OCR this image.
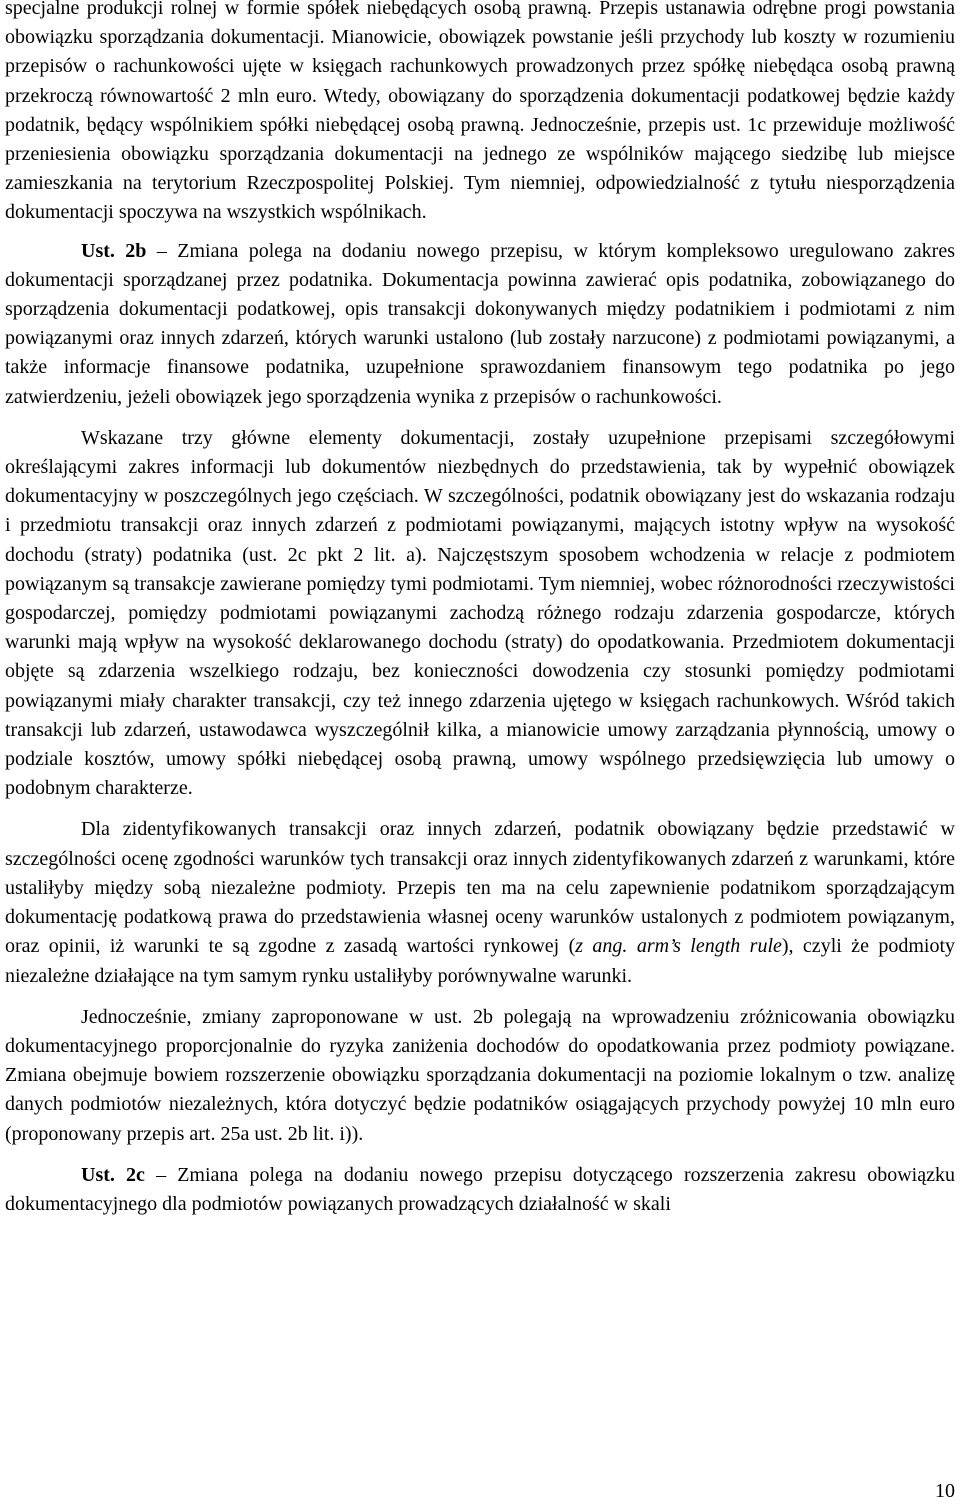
specjalne produkcji rolnej w formie spółek niebędących osobą prawną. Przepis ustanawia odrębne progi powstania obowiązku sporządzania dokumentacji. Mianowicie, obowiązek powstanie jeśli przychody lub koszty w rozumieniu przepisów o rachunkowości ujęte w księgach rachunkowych prowadzonych przez spółkę niebędąca osobą prawną przekroczą równowartość 2 mln euro. Wtedy, obowiązany do sporządzenia dokumentacji podatkowej będzie każdy podatnik, będący wspólnikiem spółki niebędącej osobą prawną. Jednocześnie, przepis ust. 1c przewiduje możliwość przeniesienia obowiązku sporządzania dokumentacji na jednego ze wspólników mającego siedzibę lub miejsce zamieszkania na terytorium Rzeczpospolitej Polskiej. Tym niemniej, odpowiedzialność z tytułu niesporządzenia dokumentacji spoczywa na wszystkich wspólnikach.

Ust. 2b – Zmiana polega na dodaniu nowego przepisu, w którym kompleksowo uregulowano zakres dokumentacji sporządzanej przez podatnika. Dokumentacja powinna zawierać opis podatnika, zobowiązanego do sporządzenia dokumentacji podatkowej, opis transakcji dokonywanych między podatnikiem i podmiotami z nim powiązanymi oraz innych zdarzeń, których warunki ustalono (lub zostały narzucone) z podmiotami powiązanymi, a także informacje finansowe podatnika, uzupełnione sprawozdaniem finansowym tego podatnika po jego zatwierdzeniu, jeżeli obowiązek jego sporządzenia wynika z przepisów o rachunkowości.

Wskazane trzy główne elementy dokumentacji, zostały uzupełnione przepisami szczegółowymi określającymi zakres informacji lub dokumentów niezbędnych do przedstawienia, tak by wypełnić obowiązek dokumentacyjny w poszczególnych jego częściach. W szczególności, podatnik obowiązany jest do wskazania rodzaju i przedmiotu transakcji oraz innych zdarzeń z podmiotami powiązanymi, mających istotny wpływ na wysokość dochodu (straty) podatnika (ust. 2c pkt 2 lit. a). Najczęstszym sposobem wchodzenia w relacje z podmiotem powiązanym są transakcje zawierane pomiędzy tymi podmiotami. Tym niemniej, wobec różnorodności rzeczywistości gospodarczej, pomiędzy podmiotami powiązanymi zachodzą różnego rodzaju zdarzenia gospodarcze, których warunki mają wpływ na wysokość deklarowanego dochodu (straty) do opodatkowania. Przedmiotem dokumentacji objęte są zdarzenia wszelkiego rodzaju, bez konieczności dowodzenia czy stosunki pomiędzy podmiotami powiązanymi miały charakter transakcji, czy też innego zdarzenia ujętego w księgach rachunkowych. Wśród takich transakcji lub zdarzeń, ustawodawca wyszczególnił kilka, a mianowicie umowy zarządzania płynnością, umowy o podziale kosztów, umowy spółki niebędącej osobą prawną, umowy wspólnego przedsięwzięcia lub umowy o podobnym charakterze.

Dla zidentyfikowanych transakcji oraz innych zdarzeń, podatnik obowiązany będzie przedstawić w szczególności ocenę zgodności warunków tych transakcji oraz innych zidentyfikowanych zdarzeń z warunkami, które ustaliłyby między sobą niezależne podmioty. Przepis ten ma na celu zapewnienie podatnikom sporządzającym dokumentację podatkową prawa do przedstawienia własnej oceny warunków ustalonych z podmiotem powiązanym, oraz opinii, iż warunki te są zgodne z zasadą wartości rynkowej (z ang. arm’s length rule), czyli że podmioty niezależne działające na tym samym rynku ustaliłyby porównywalne warunki.

Jednocześnie, zmiany zaproponowane w ust. 2b polegają na wprowadzeniu zróżnicowania obowiązku dokumentacyjnego proporcjonalnie do ryzyka zaniżenia dochodów do opodatkowania przez podmioty powiązane. Zmiana obejmuje bowiem rozszerzenie obowiązku sporządzania dokumentacji na poziomie lokalnym o tzw. analizę danych podmiotów niezależnych, która dotyczyć będzie podatników osiągających przychody powyżej 10 mln euro (proponowany przepis art. 25a ust. 2b lit. i)).

Ust. 2c – Zmiana polega na dodaniu nowego przepisu dotyczącego rozszerzenia zakresu obowiązku dokumentacyjnego dla podmiotów powiązanych prowadzących działalność w skali

10
